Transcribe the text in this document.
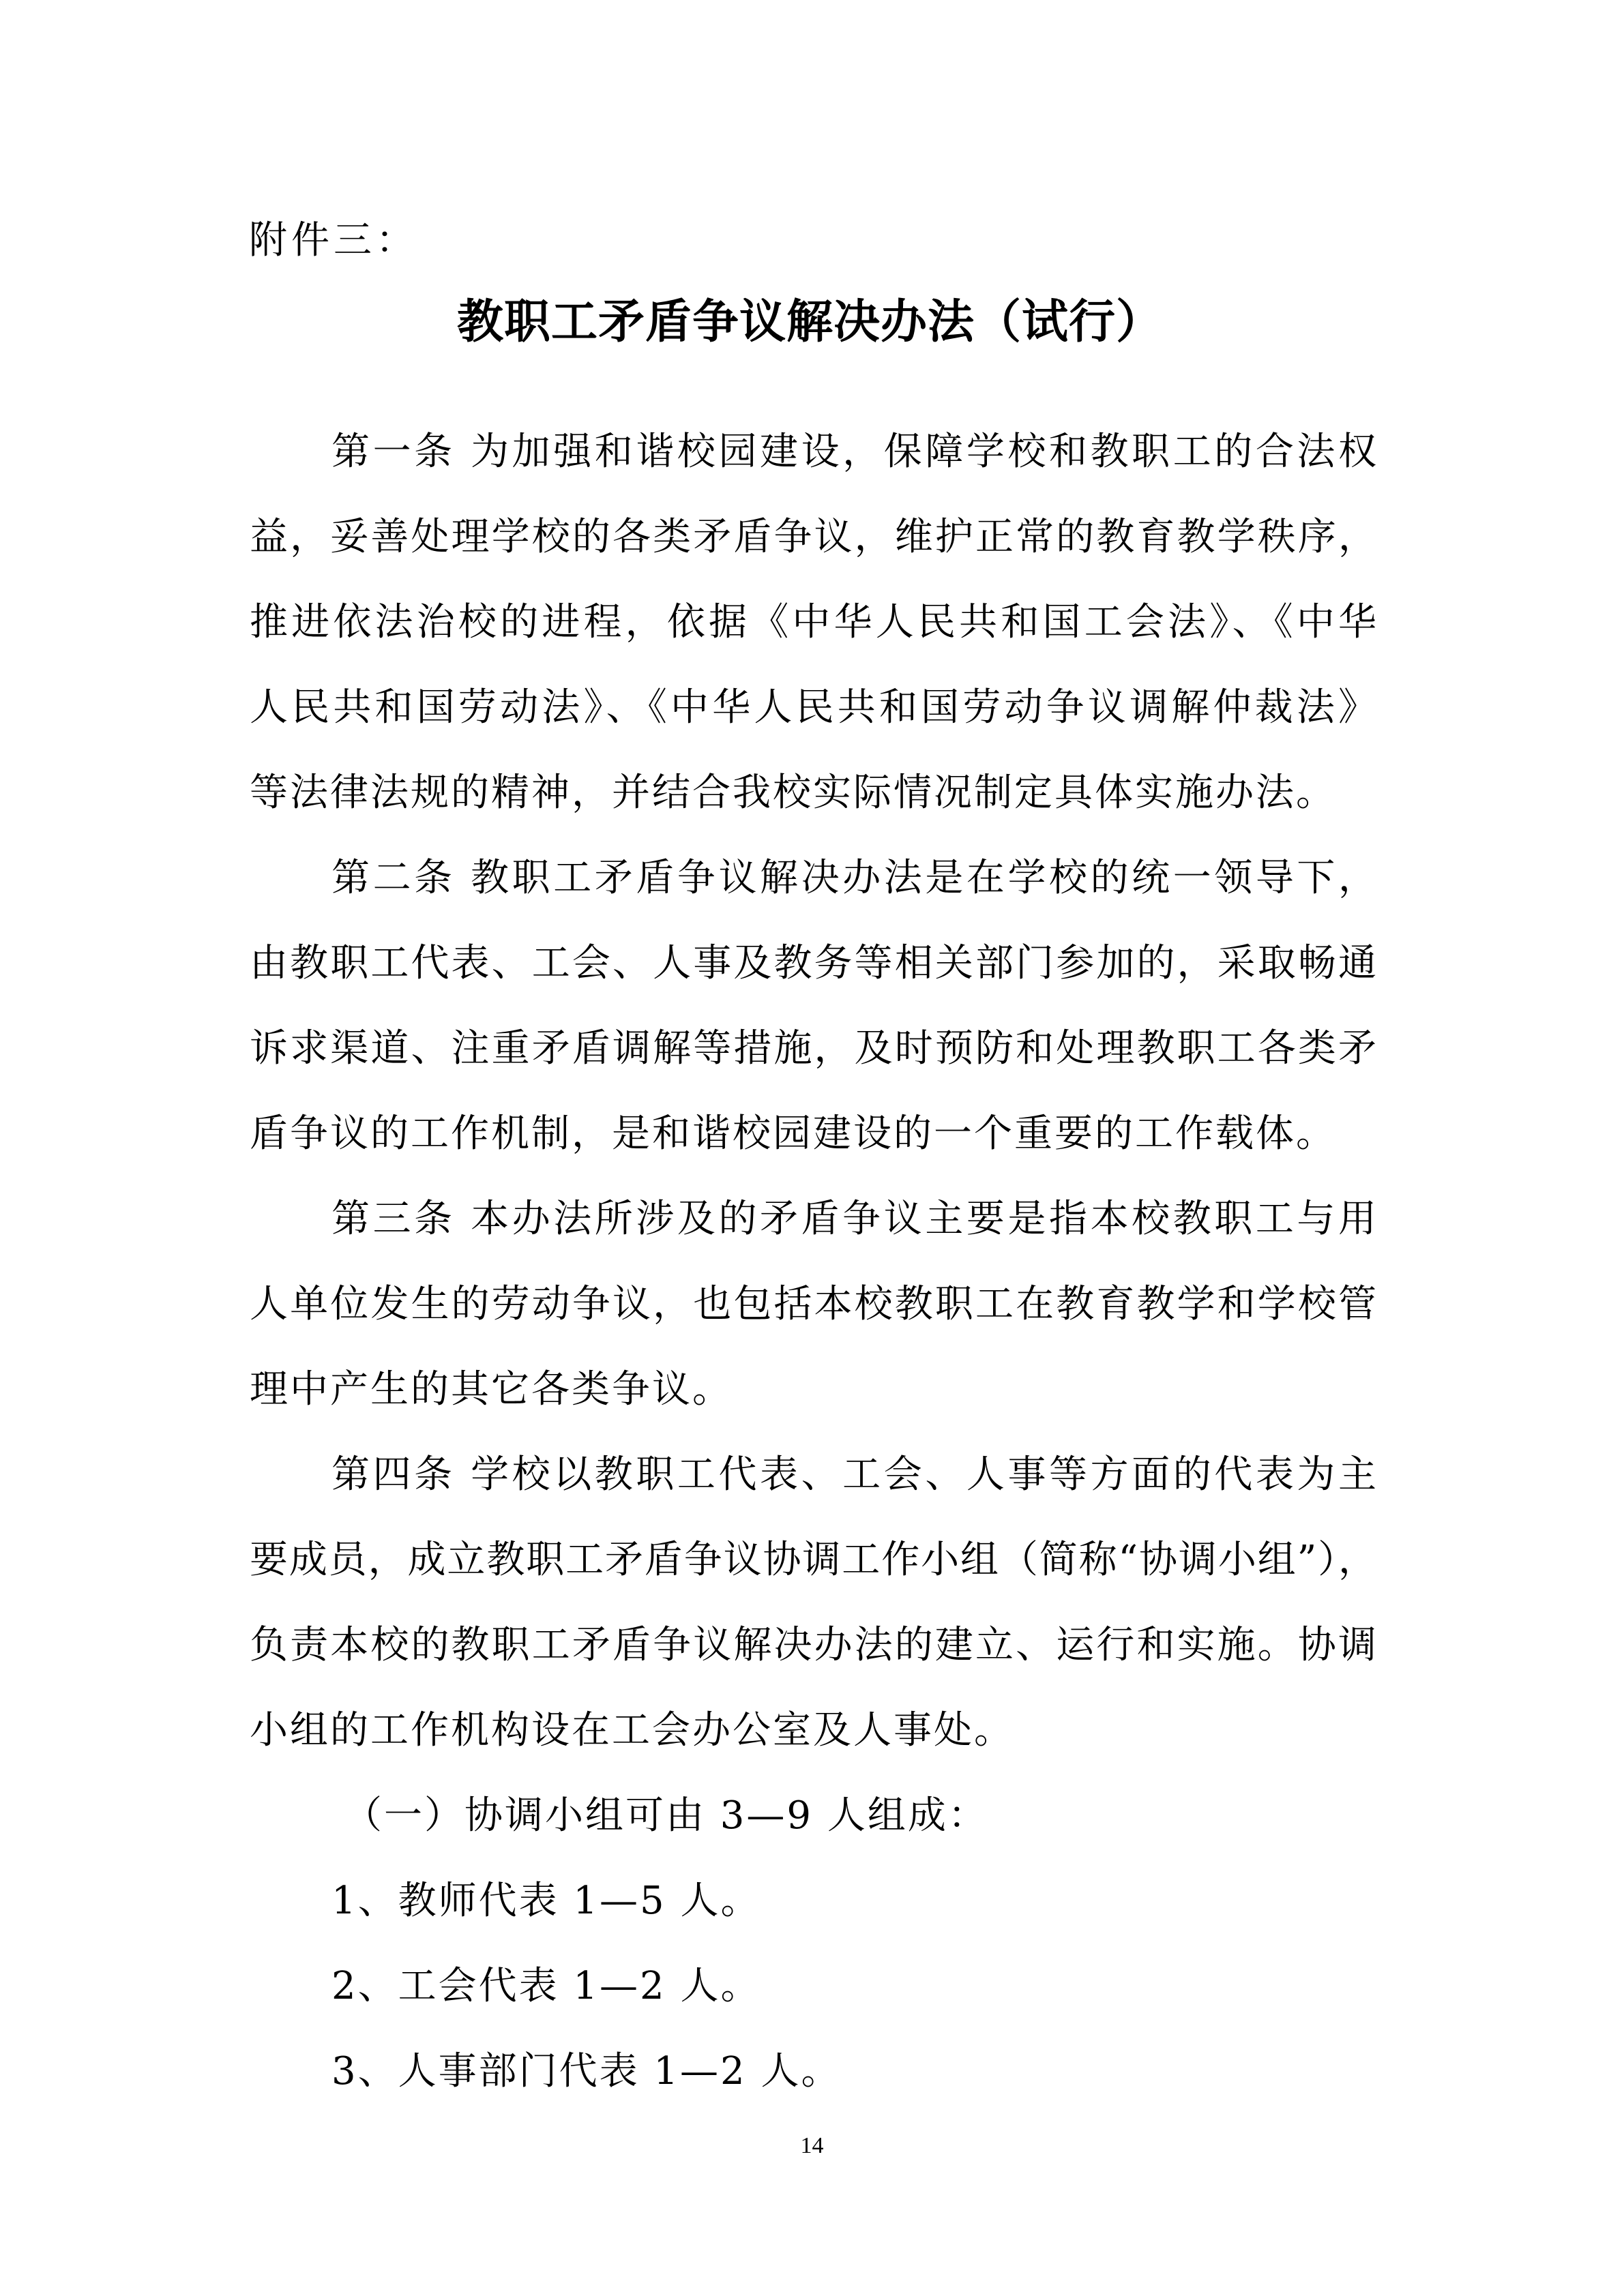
附件三：
教职工矛盾争议解决办法（试行）
第一条 为加强和谐校园建设，保障学校和教职工的合法权
益，妥善处理学校的各类矛盾争议，维护正常的教育教学秩序，
推进依法治校的进程，依据《中华人民共和国工会法》、《中华
人民共和国劳动法》、《中华人民共和国劳动争议调解仲裁法》
等法律法规的精神，并结合我校实际情况制定具体实施办法。
第二条 教职工矛盾争议解决办法是在学校的统一领导下，
由教职工代表、工会、人事及教务等相关部门参加的，采取畅通
诉求渠道、注重矛盾调解等措施，及时预防和处理教职工各类矛
盾争议的工作机制，是和谐校园建设的一个重要的工作载体。
第三条 本办法所涉及的矛盾争议主要是指本校教职工与用
人单位发生的劳动争议，也包括本校教职工在教育教学和学校管
理中产生的其它各类争议。
第四条 学校以教职工代表、工会、人事等方面的代表为主
要成员，成立教职工矛盾争议协调工作小组（简称“协调小组”），
负责本校的教职工矛盾争议解决办法的建立、运行和实施。协调
小组的工作机构设在工会办公室及人事处。
（一）协调小组可由 3—9 人组成：
1、教师代表 1—5 人。
2、工会代表 1—2 人。
3、人事部门代表 1—2 人。
14
